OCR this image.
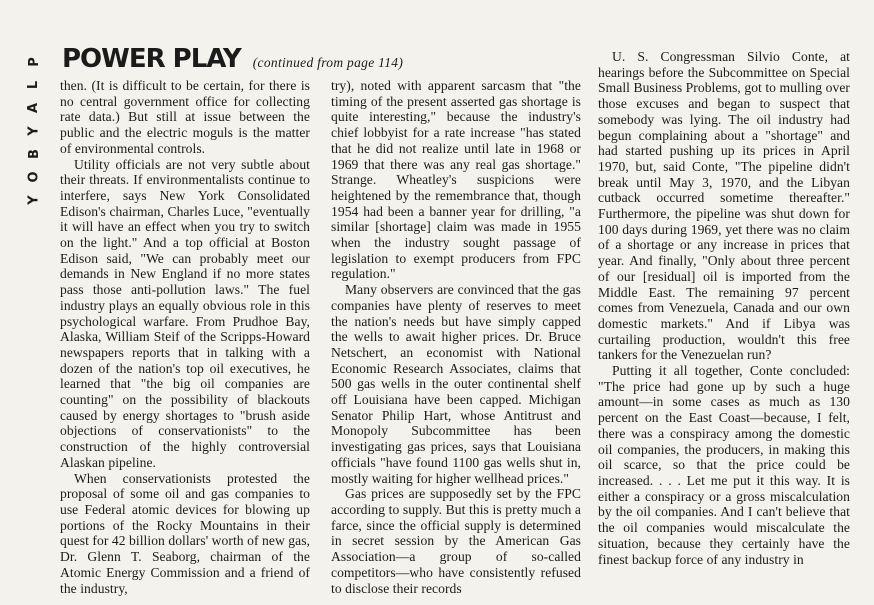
P
L
A
Y
B
O
Y
POWER PLAY (continued from page 114)

then. (It is difficult to be certain, for there is no central government office for collecting rate data.) But still at issue between the public and the electric moguls is the matter of environmental controls.

Utility officials are not very subtle about their threats. If environmentalists continue to interfere, says New York Consolidated Edison's chairman, Charles Luce, "eventually it will have an effect when you try to switch on the light." And a top official at Boston Edison said, "We can probably meet our demands in New England if no more states pass those anti-pollution laws." The fuel industry plays an equally obvious role in this psychological warfare. From Prudhoe Bay, Alaska, William Steif of the Scripps-Howard newspapers reports that in talking with a dozen of the nation's top oil executives, he learned that "the big oil companies are counting" on the possibility of blackouts caused by energy shortages to "brush aside objections of conservationists" to the construction of the highly controversial Alaskan pipeline.

When conservationists protested the proposal of some oil and gas companies to use Federal atomic devices for blowing up portions of the Rocky Mountains in their quest for 42 billion dollars' worth of new gas, Dr. Glenn T. Seaborg, chairman of the Atomic Energy Commission and a friend of the industry,

try), noted with apparent sarcasm that "the timing of the present asserted gas shortage is quite interesting," because the industry's chief lobbyist for a rate increase "has stated that he did not realize until late in 1968 or 1969 that there was any real gas shortage." Strange. Wheatley's suspicions were heightened by the remembrance that, though 1954 had been a banner year for drilling, "a similar [shortage] claim was made in 1955 when the industry sought passage of legislation to exempt producers from FPC regulation."

Many observers are convinced that the gas companies have plenty of reserves to meet the nation's needs but have simply capped the wells to await higher prices. Dr. Bruce Netschert, an economist with National Economic Research Associates, claims that 500 gas wells in the outer continental shelf off Louisiana have been capped. Michigan Senator Philip Hart, whose Antitrust and Monopoly Subcommittee has been investigating gas prices, says that Louisiana officials "have found 1100 gas wells shut in, mostly waiting for higher wellhead prices."

Gas prices are supposedly set by the FPC according to supply. But this is pretty much a farce, since the official supply is determined in secret session by the American Gas Association—a group of so-called competitors—who have consistently refused to disclose their records

U. S. Congressman Silvio Conte, at hearings before the Subcommittee on Special Small Business Problems, got to mulling over those excuses and began to suspect that somebody was lying. The oil industry had begun complaining about a "shortage" and had started pushing up its prices in April 1970, but, said Conte, "The pipeline didn't break until May 3, 1970, and the Libyan cutback occurred sometime thereafter." Furthermore, the pipeline was shut down for 100 days during 1969, yet there was no claim of a shortage or any increase in prices that year. And finally, "Only about three percent of our [residual] oil is imported from the Middle East. The remaining 97 percent comes from Venezuela, Canada and our own domestic markets." And if Libya was curtailing production, wouldn't this free tankers for the Venezuelan run?

Putting it all together, Conte concluded: "The price had gone up by such a huge amount—in some cases as much as 130 percent on the East Coast—because, I felt, there was a conspiracy among the domestic oil companies, the producers, in making this oil scarce, so that the price could be increased. . . . Let me put it this way. It is either a conspiracy or a gross miscalculation by the oil companies. And I can't believe that the oil companies would miscalculate the situation, because they certainly have the finest backup force of any industry in
